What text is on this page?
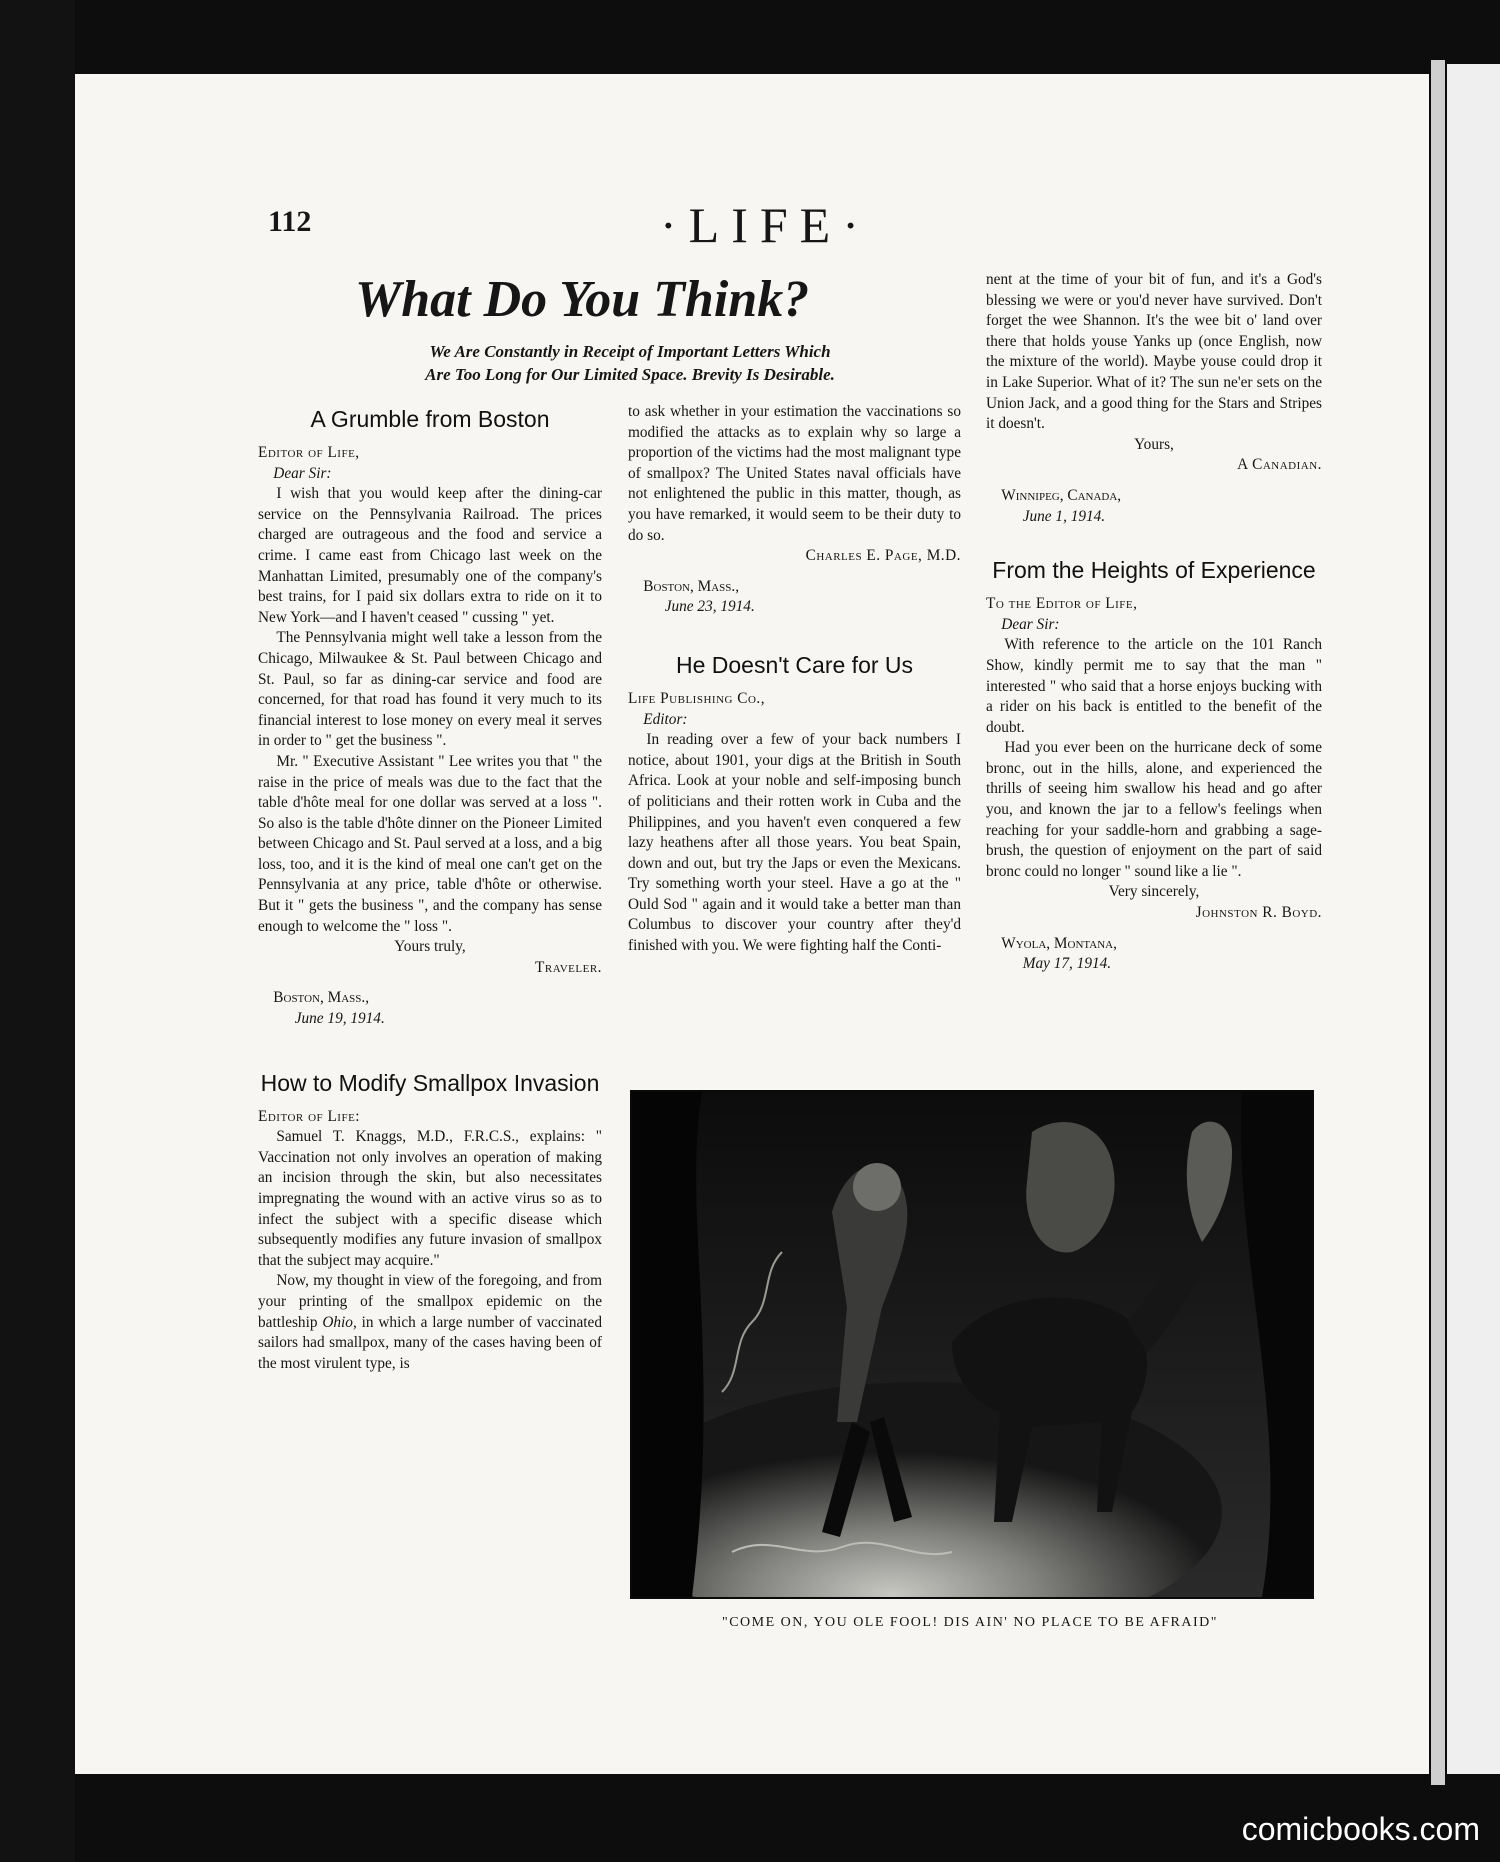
112	·LIFE·
What Do You Think?
We Are Constantly in Receipt of Important Letters Which
Are Too Long for Our Limited Space. Brevity Is Desirable.
A Grumble from Boston
Editor of Life,
Dear Sir:

I wish that you would keep after the dining-car service on the Pennsylvania Railroad. The prices charged are outrageous and the food and service a crime. I came east from Chicago last week on the Manhattan Limited, presumably one of the company's best trains, for I paid six dollars extra to ride on it to New York—and I haven't ceased " cussing " yet.

The Pennsylvania might well take a lesson from the Chicago, Milwaukee & St. Paul between Chicago and St. Paul, so far as dining-car service and food are concerned, for that road has found it very much to its financial interest to lose money on every meal it serves in order to " get the business ".

Mr. " Executive Assistant " Lee writes you that " the raise in the price of meals was due to the fact that the table d'hôte meal for one dollar was served at a loss ". So also is the table d'hôte dinner on the Pioneer Limited between Chicago and St. Paul served at a loss, and a big loss, too, and it is the kind of meal one can't get on the Pennsylvania at any price, table d'hôte or otherwise. But it " gets the business ", and the company has sense enough to welcome the " loss ".

Yours truly,
Traveler.
Boston, Mass.,
June 19, 1914.
How to Modify Smallpox Invasion
Editor of Life:

Samuel T. Knaggs, M.D., F.R.C.S., explains: " Vaccination not only involves an operation of making an incision through the skin, but also necessitates impregnating the wound with an active virus so as to infect the subject with a specific disease which subsequently modifies any future invasion of smallpox that the subject may acquire."

Now, my thought in view of the foregoing, and from your printing of the smallpox epidemic on the battleship Ohio, in which a large number of vaccinated sailors had smallpox, many of the cases having been of the most virulent type, is

to ask whether in your estimation the vaccinations so modified the attacks as to explain why so large a proportion of the victims had the most malignant type of smallpox? The United States naval officials have not enlightened the public in this matter, though, as you have remarked, it would seem to be their duty to do so.

Charles E. Page, M.D.
Boston, Mass.,
June 23, 1914.
He Doesn't Care for Us
Life Publishing Co.,
Editor:

In reading over a few of your back numbers I notice, about 1901, your digs at the British in South Africa. Look at your noble and self-imposing bunch of politicians and their rotten work in Cuba and the Philippines, and you haven't even conquered a few lazy heathens after all those years. You beat Spain, down and out, but try the Japs or even the Mexicans. Try something worth your steel. Have a go at the " Ould Sod " again and it would take a better man than Columbus to discover your country after they'd finished with you. We were fighting half the Conti-

nent at the time of your bit of fun, and it's a God's blessing we were or you'd never have survived. Don't forget the wee Shannon. It's the wee bit o' land over there that holds youse Yanks up (once English, now the mixture of the world). Maybe youse could drop it in Lake Superior. What of it? The sun ne'er sets on the Union Jack, and a good thing for the Stars and Stripes it doesn't.

Yours,
A Canadian.
Winnipeg, Canada,
June 1, 1914.
From the Heights of Experience
To the Editor of Life,
Dear Sir:

With reference to the article on the 101 Ranch Show, kindly permit me to say that the man " interested " who said that a horse enjoys bucking with a rider on his back is entitled to the benefit of the doubt.

Had you ever been on the hurricane deck of some bronc, out in the hills, alone, and experienced the thrills of seeing him swallow his head and go after you, and known the jar to a fellow's feelings when reaching for your saddle-horn and grabbing a sage-brush, the question of enjoyment on the part of said bronc could no longer " sound like a lie ".

Very sincerely,
Johnston R. Boyd.
Wyola, Montana,
May 17, 1914.
"COME ON, YOU OLE FOOL! DIS AIN' NO PLACE TO BE AFRAID"
comicbooks.com
